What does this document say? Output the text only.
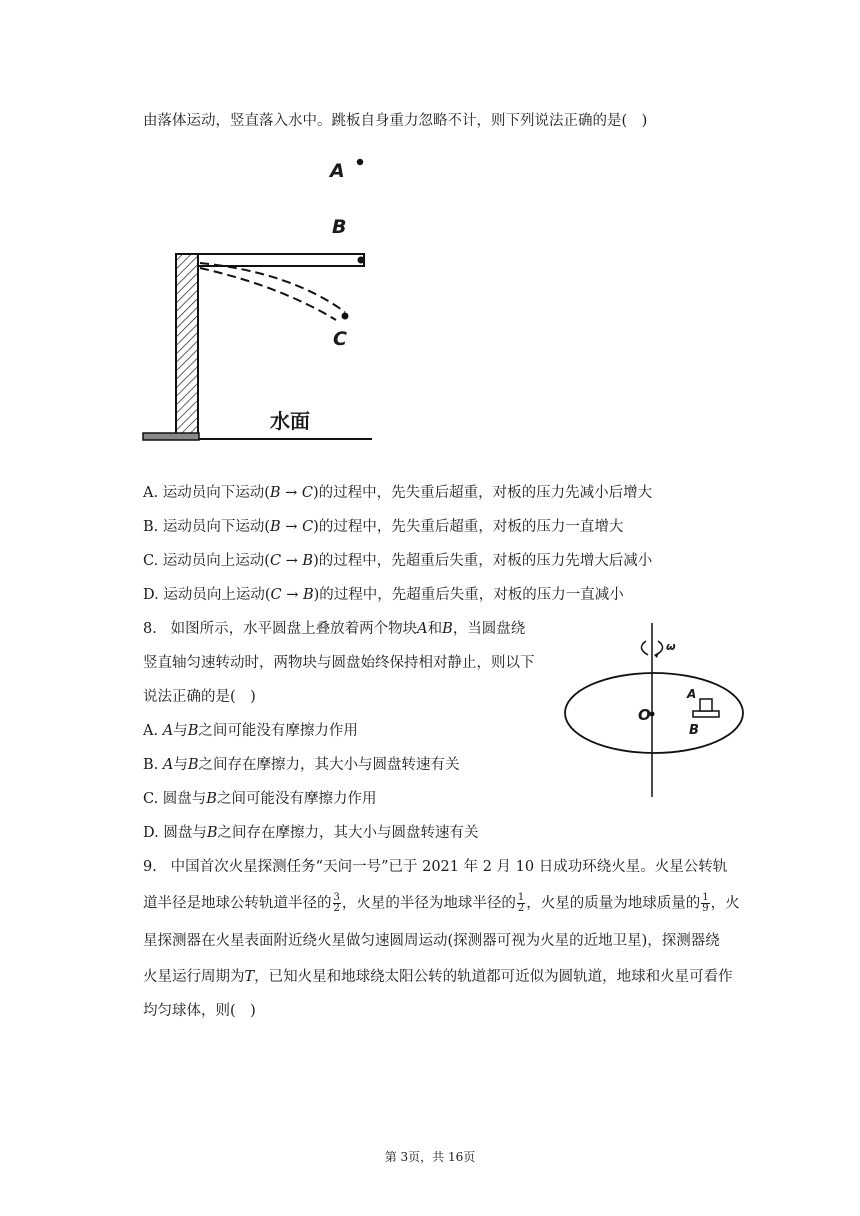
由落体运动，竖直落入水中。跳板自身重力忽略不计，则下列说法正确的是(　)
A
B
C
水面
A. 运动员向下运动(B → C)的过程中，先失重后超重，对板的压力先减小后增大
B. 运动员向下运动(B → C)的过程中，先失重后超重，对板的压力一直增大
C. 运动员向上运动(C → B)的过程中，先超重后失重，对板的压力先增大后减小
D. 运动员向上运动(C → B)的过程中，先超重后失重，对板的压力一直减小
8. 如图所示，水平圆盘上叠放着两个物块A和B，当圆盘绕
竖直轴匀速转动时，两物块与圆盘始终保持相对静止，则以下
说法正确的是(　)
A. A与B之间可能没有摩擦力作用
B. A与B之间存在摩擦力，其大小与圆盘转速有关
C. 圆盘与B之间可能没有摩擦力作用
D. 圆盘与B之间存在摩擦力，其大小与圆盘转速有关
ω
O
A
B
9. 中国首次火星探测任务“天问一号”已于 2021 年 2 月 10 日成功环绕火星。火星公转轨
道半径是地球公转轨道半径的 $\frac{3}{2}$ ，火星的半径为地球半径的 $\frac{1}{2}$ ，火星的质量为地球质量的 $\frac{1}{9}$ ，火
星探测器在火星表面附近绕火星做匀速圆周运动(探测器可视为火星的近地卫星)，探测器绕
火星运行周期为T，已知火星和地球绕太阳公转的轨道都可近似为圆轨道，地球和火星可看作
均匀球体，则(　)
第 3页，共 16页
